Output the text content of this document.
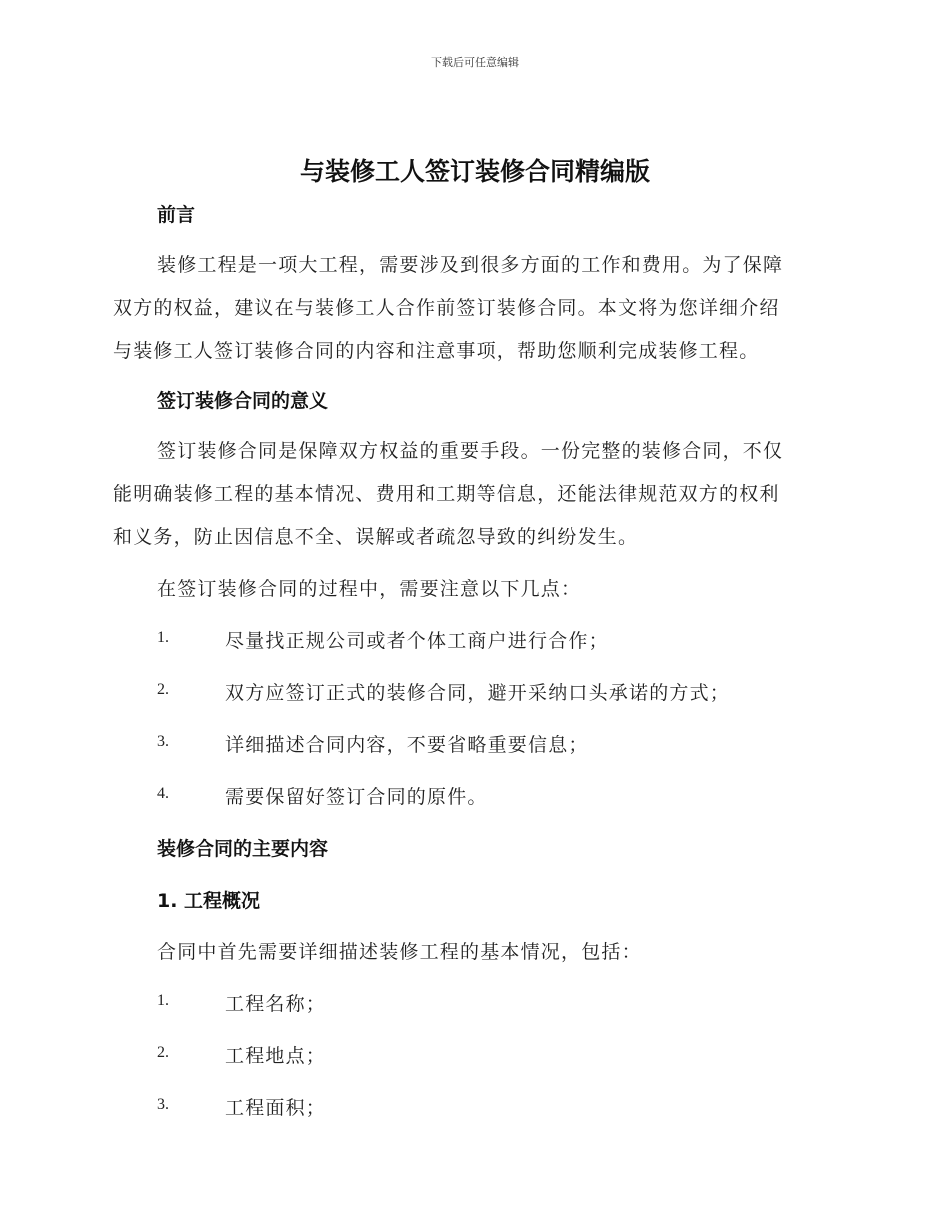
下载后可任意编辑
与装修工人签订装修合同精编版
前言
装修工程是一项大工程，需要涉及到很多方面的工作和费用。为了保障
双方的权益，建议在与装修工人合作前签订装修合同。本文将为您详细介绍
与装修工人签订装修合同的内容和注意事项，帮助您顺利完成装修工程。
签订装修合同的意义
签订装修合同是保障双方权益的重要手段。一份完整的装修合同，不仅
能明确装修工程的基本情况、费用和工期等信息，还能法律规范双方的权利
和义务，防止因信息不全、误解或者疏忽导致的纠纷发生。
在签订装修合同的过程中，需要注意以下几点：
1.	尽量找正规公司或者个体工商户进行合作；
2.	双方应签订正式的装修合同，避开采纳口头承诺的方式；
3.	详细描述合同内容，不要省略重要信息；
4.	需要保留好签订合同的原件。
装修合同的主要内容
1. 工程概况
合同中首先需要详细描述装修工程的基本情况，包括：
1.	工程名称；
2.	工程地点；
3.	工程面积；
